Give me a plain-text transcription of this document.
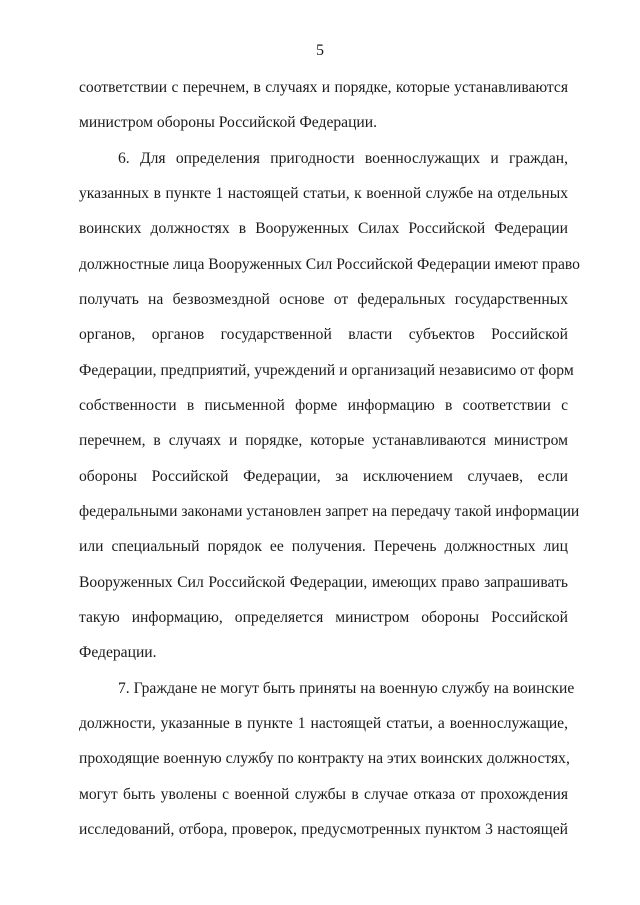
5
соответствии с перечнем, в случаях и порядке, которые устанавливаются
министром обороны Российской Федерации.
6. Для определения пригодности военнослужащих и граждан,
указанных в пункте 1 настоящей статьи, к военной службе на отдельных
воинских должностях в Вооруженных Силах Российской Федерации
должностные лица Вооруженных Сил Российской Федерации имеют право
получать на безвозмездной основе от федеральных государственных
органов, органов государственной власти субъектов Российской
Федерации, предприятий, учреждений и организаций независимо от форм
собственности в письменной форме информацию в соответствии с
перечнем, в случаях и порядке, которые устанавливаются министром
обороны Российской Федерации, за исключением случаев, если
федеральными законами установлен запрет на передачу такой информации
или специальный порядок ее получения. Перечень должностных лиц
Вооруженных Сил Российской Федерации, имеющих право запрашивать
такую информацию, определяется министром обороны Российской
Федерации.
7. Граждане не могут быть приняты на военную службу на воинские
должности, указанные в пункте 1 настоящей статьи, а военнослужащие,
проходящие военную службу по контракту на этих воинских должностях,
могут быть уволены с военной службы в случае отказа от прохождения
исследований, отбора, проверок, предусмотренных пунктом 3 настоящей
